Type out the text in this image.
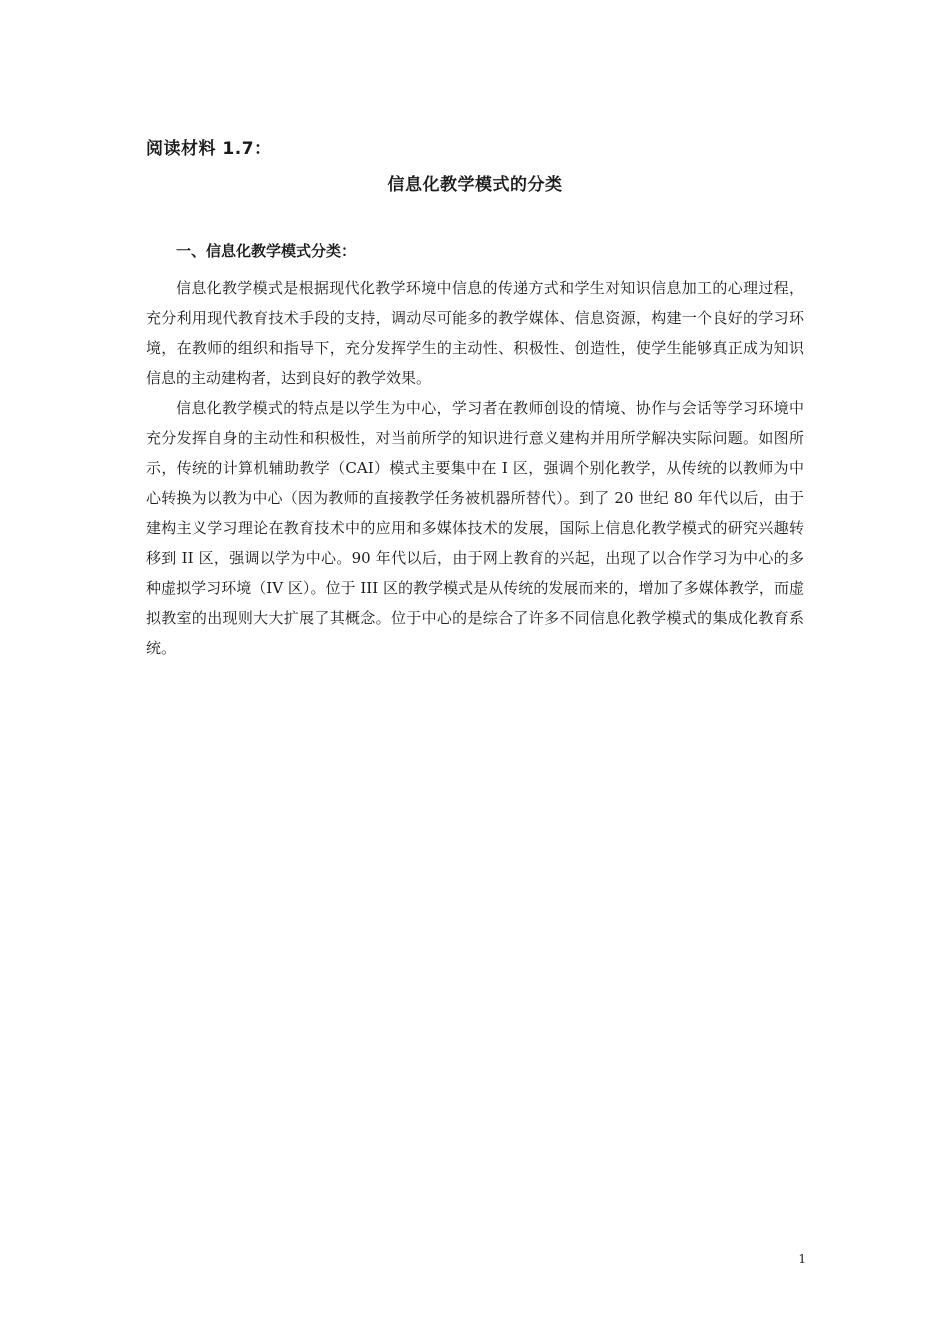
阅读材料 1.7：
信息化教学模式的分类
一、信息化教学模式分类：

信息化教学模式是根据现代化教学环境中信息的传递方式和学生对知识信息加工的心理过程，充分利用现代教育技术手段的支持，调动尽可能多的教学媒体、信息资源，构建一个良好的学习环境，在教师的组织和指导下，充分发挥学生的主动性、积极性、创造性，使学生能够真正成为知识信息的主动建构者，达到良好的教学效果。

信息化教学模式的特点是以学生为中心，学习者在教师创设的情境、协作与会话等学习环境中充分发挥自身的主动性和积极性，对当前所学的知识进行意义建构并用所学解决实际问题。如图所示，传统的计算机辅助教学（CAI）模式主要集中在 I 区，强调个别化教学，从传统的以教师为中心转换为以教为中心（因为教师的直接教学任务被机器所替代）。到了 20 世纪 80 年代以后，由于建构主义学习理论在教育技术中的应用和多媒体技术的发展，国际上信息化教学模式的研究兴趣转移到 II 区，强调以学为中心。90 年代以后，由于网上教育的兴起，出现了以合作学习为中心的多种虚拟学习环境（IV 区）。位于 III 区的教学模式是从传统的发展而来的，增加了多媒体教学，而虚拟教室的出现则大大扩展了其概念。位于中心的是综合了许多不同信息化教学模式的集成化教育系统。

1
